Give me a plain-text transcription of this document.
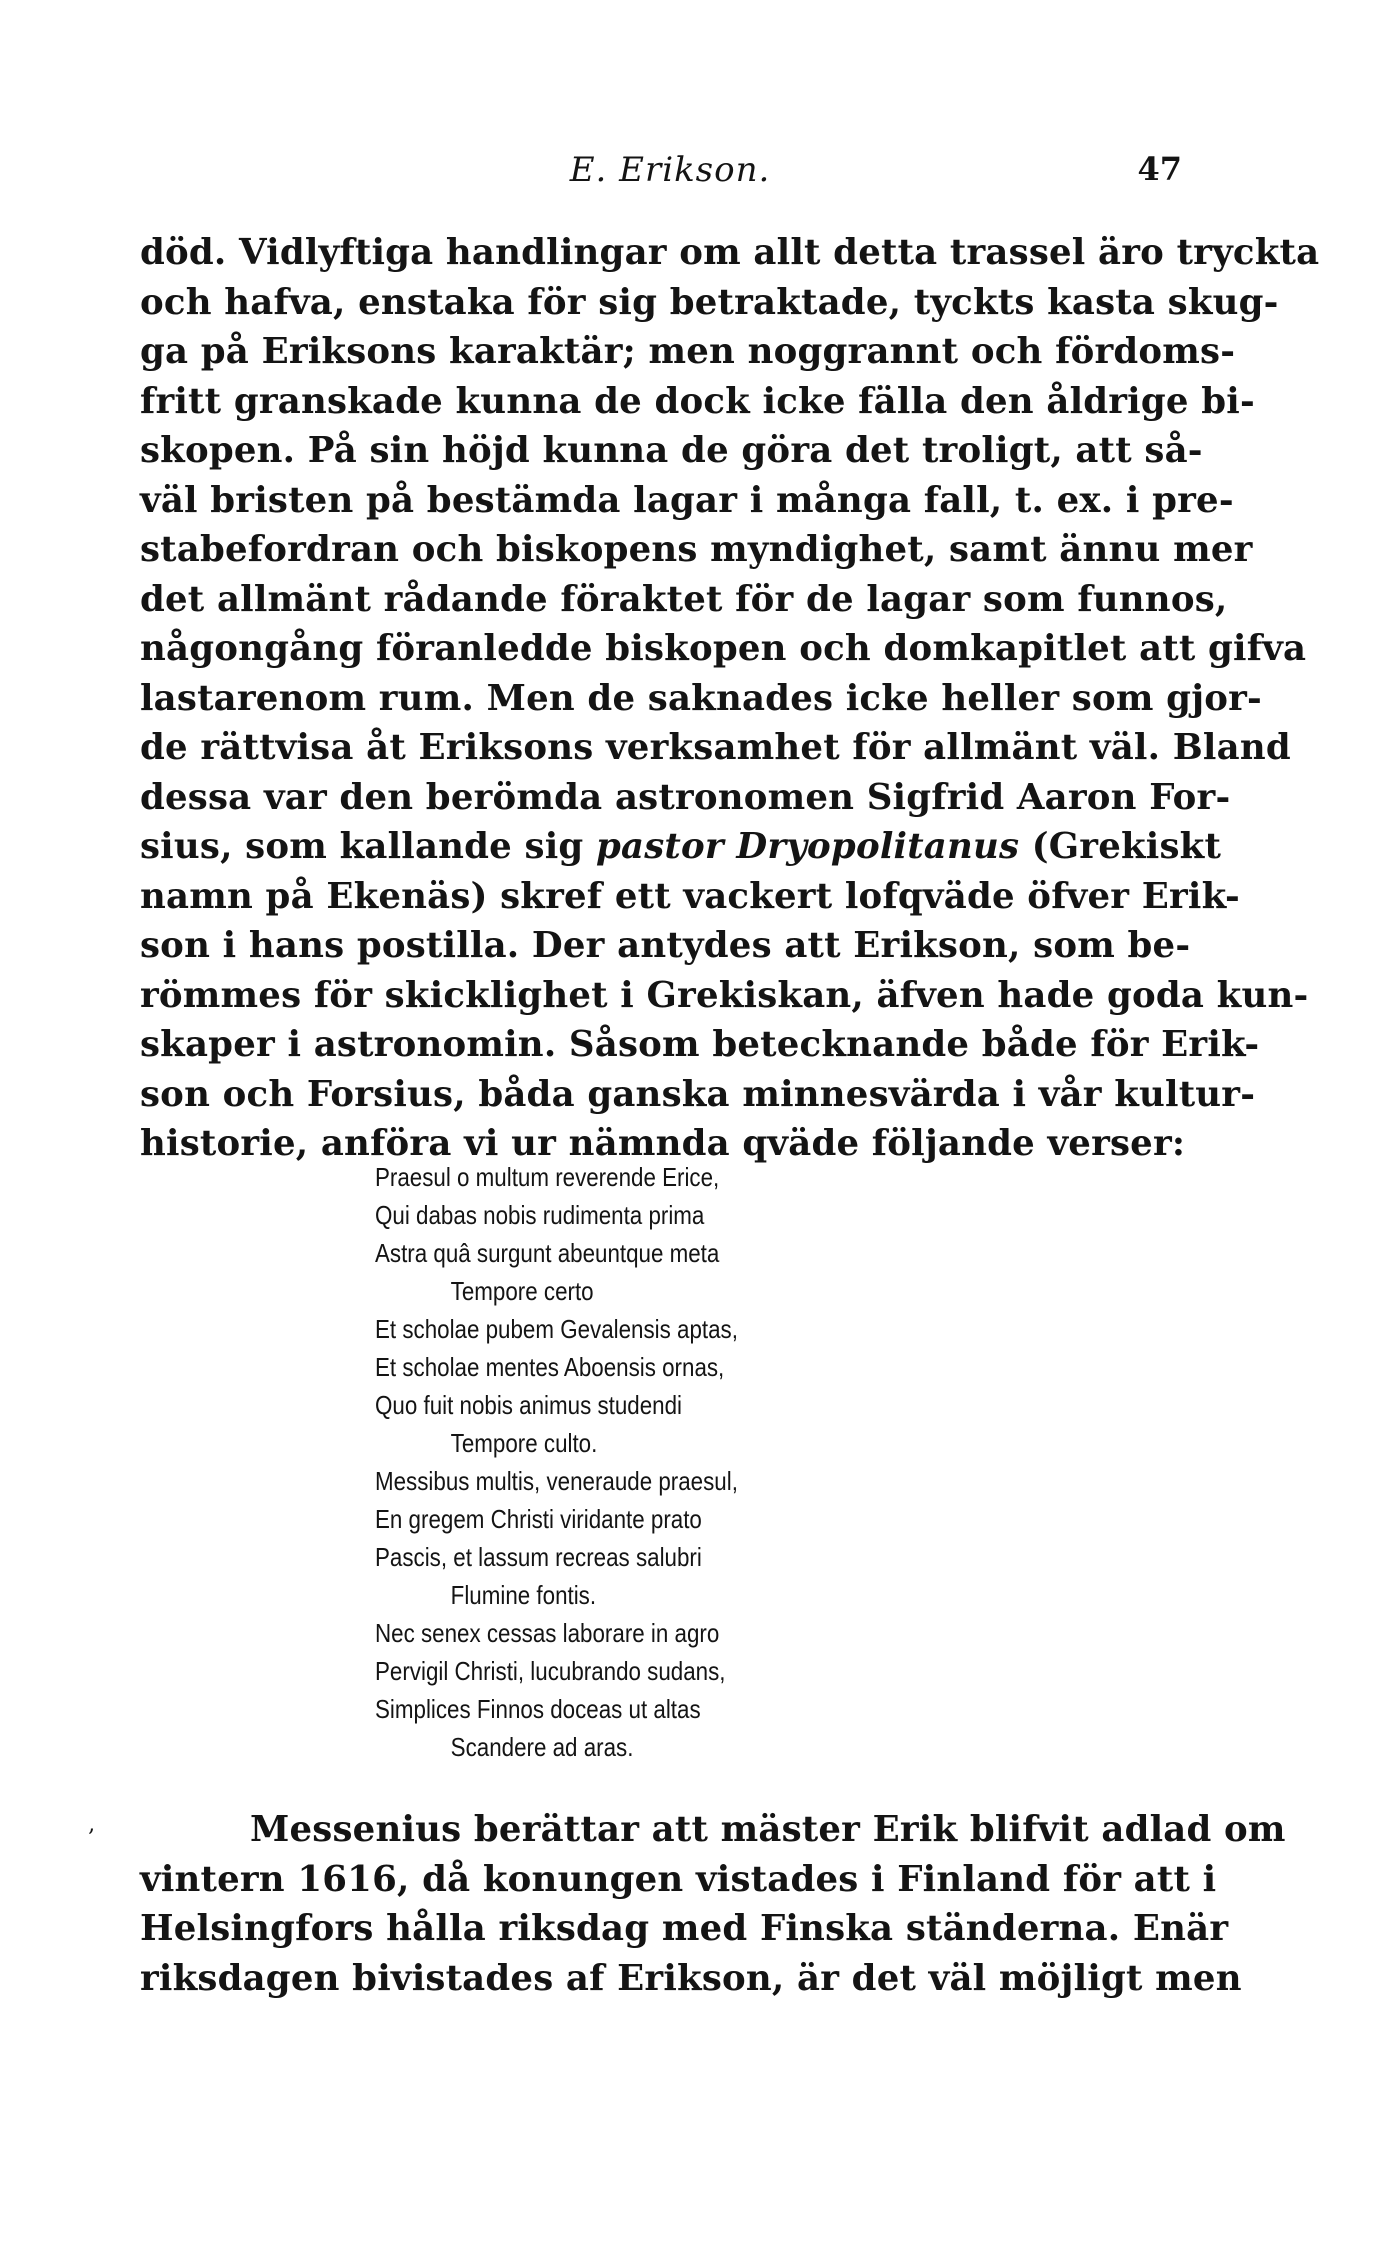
E. Erikson.	47
död. Vidlyftiga handlingar om allt detta trassel äro tryckta
och hafva, enstaka för sig betraktade, tyckts kasta skug-
ga på Eriksons karaktär; men noggrannt och fördoms-
fritt granskade kunna de dock icke fälla den åldrige bi-
skopen. På sin höjd kunna de göra det troligt, att så-
väl bristen på bestämda lagar i många fall, t. ex. i pre-
stabefordran och biskopens myndighet, samt ännu mer
det allmänt rådande föraktet för de lagar som funnos,
någongång föranledde biskopen och domkapitlet att gifva
lastarenom rum. Men de saknades icke heller som gjor-
de rättvisa åt Eriksons verksamhet för allmänt väl. Bland
dessa var den berömda astronomen Sigfrid Aaron For-
sius, som kallande sig pastor Dryopolitanus (Grekiskt
namn på Ekenäs) skref ett vackert lofqväde öfver Erik-
son i hans postilla. Der antydes att Erikson, som be-
römmes för skicklighet i Grekiskan, äfven hade goda kun-
skaper i astronomin. Såsom betecknande både för Erik-
son och Forsius, båda ganska minnesvärda i vår kultur-
historie, anföra vi ur nämnda qväde följande verser:
Praesul o multum reverende Erice,
Qui dabas nobis rudimenta prima
Astra quâ surgunt abeuntque meta
Tempore certo
Et scholae pubem Gevalensis aptas,
Et scholae mentes Aboensis ornas,
Quo fuit nobis animus studendi
Tempore culto.
Messibus multis, veneraude praesul,
En gregem Christi viridante prato
Pascis, et lassum recreas salubri
Flumine fontis.
Nec senex cessas laborare in agro
Pervigil Christi, lucubrando sudans,
Simplices Finnos doceas ut altas
Scandere ad aras.
‚	Messenius berättar att mäster Erik blifvit adlad om
vintern 1616, då konungen vistades i Finland för att i
Helsingfors hålla riksdag med Finska ständerna. Enär
riksdagen bivistades af Erikson, är det väl möjligt men
